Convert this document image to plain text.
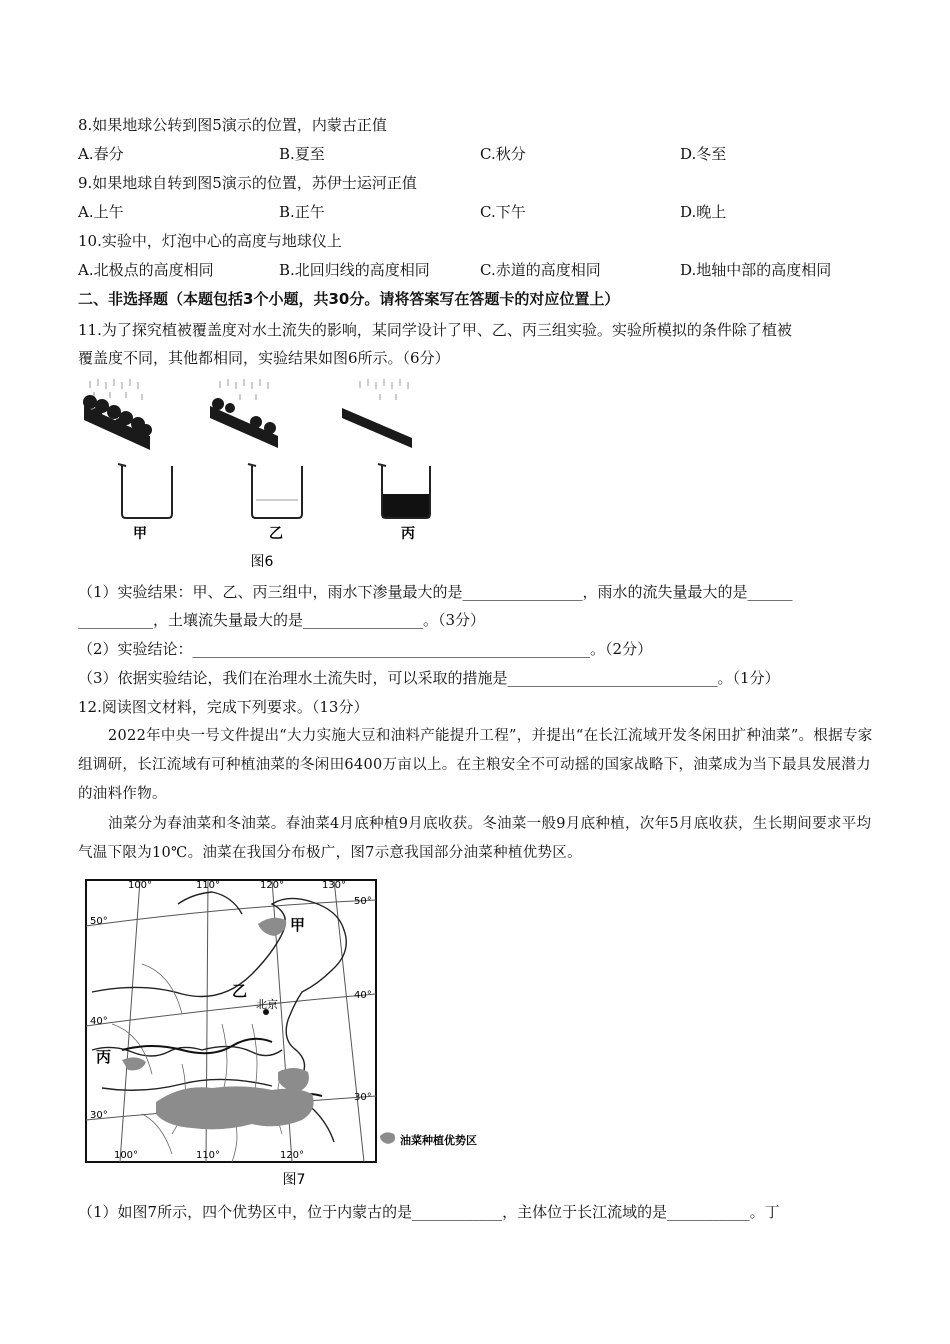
8.如果地球公转到图5演示的位置，内蒙古正值
A.春分	B.夏至	C.秋分	D.冬至
9.如果地球自转到图5演示的位置，苏伊士运河正值
A.上午	B.正午	C.下午	D.晚上
10.实验中，灯泡中心的高度与地球仪上
A.北极点的高度相同	B.北回归线的高度相同	C.赤道的高度相同	D.地轴中部的高度相同
二、非选择题（本题包括3个小题，共30分。请将答案写在答题卡的对应位置上）
11.为了探究植被覆盖度对水土流失的影响，某同学设计了甲、乙、丙三组实验。实验所模拟的条件除了植被
覆盖度不同，其他都相同，实验结果如图6所示。（6分）
甲	乙	丙
图6
（1）实验结果：甲、乙、丙三组中，雨水下渗量最大的是________________，雨水的流失量最大的是______
__________，土壤流失量最大的是________________。（3分）
（2）实验结论：_____________________________________________________。（2分）
（3）依据实验结论，我们在治理水土流失时，可以采取的措施是____________________________。（1分）
12.阅读图文材料，完成下列要求。（13分）
2022年中央一号文件提出“大力实施大豆和油料产能提升工程”，并提出“在长江流域开发冬闲田扩种油菜”。根据专家组调研，长江流域有可种植油菜的冬闲田6400万亩以上。在主粮安全不可动摇的国家战略下，油菜成为当下最具发展潜力的油料作物。
油菜分为春油菜和冬油菜。春油菜4月底种植9月底收获。冬油菜一般9月底种植，次年5月底收获，生长期间要求平均气温下限为10℃。油菜在我国分布极广，图7示意我国部分油菜种植优势区。
100°	110°	120°	130°
100°	110°	120°
50°
40°
30°
50°
40°
30°
甲
乙
丙
北京
油菜种植优势区
图7
（1）如图7所示，四个优势区中，位于内蒙古的是____________，主体位于长江流域的是___________。丁
